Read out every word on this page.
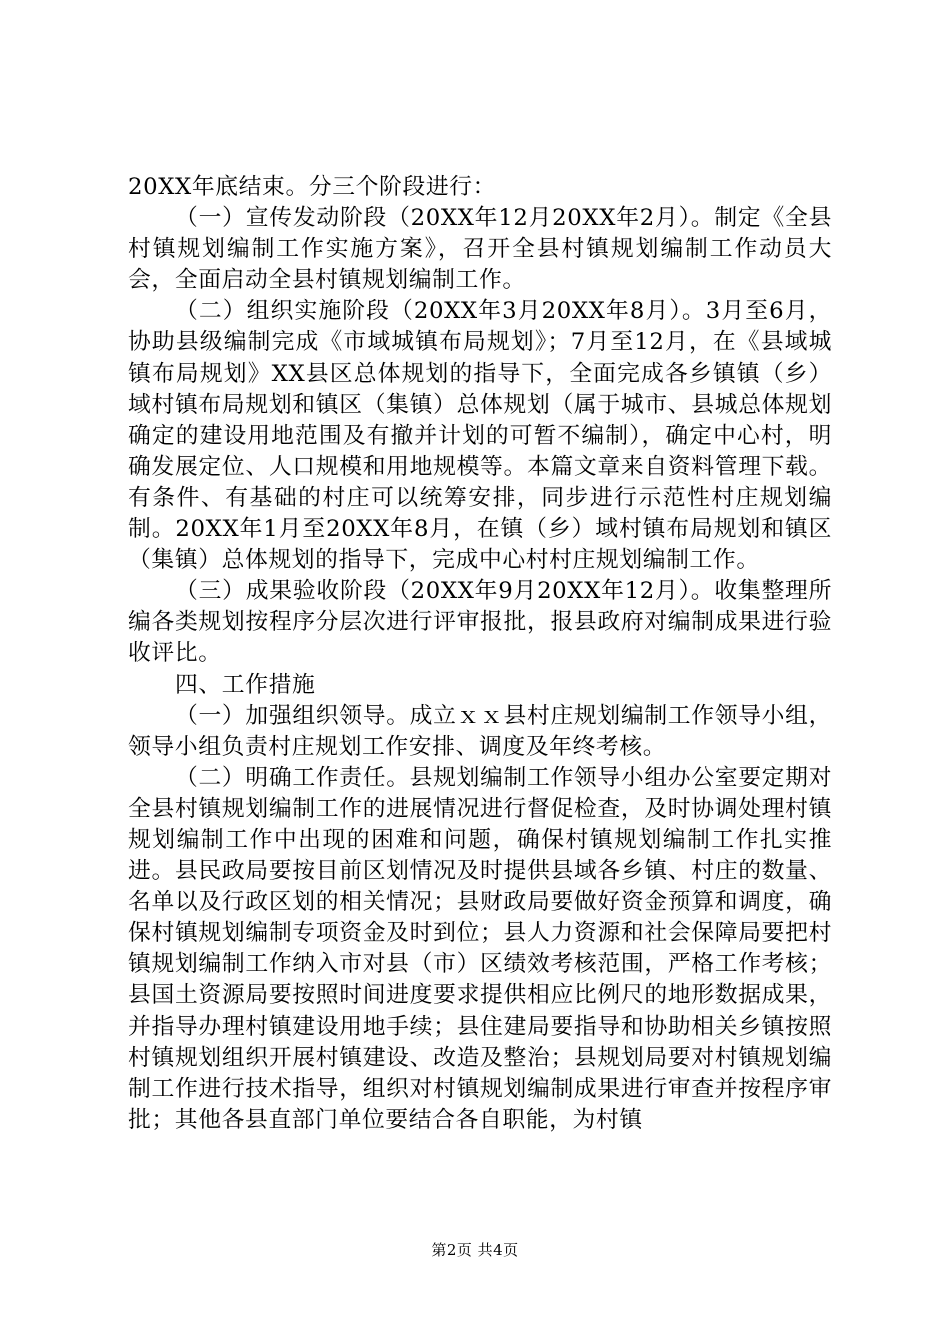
20XX年底结束。分三个阶段进行：

（一）宣传发动阶段（20XX年12月20XX年2月）。制定《全县村镇规划编制工作实施方案》，召开全县村镇规划编制工作动员大会，全面启动全县村镇规划编制工作。

（二）组织实施阶段（20XX年3月20XX年8月）。3月至6月，协助县级编制完成《市域城镇布局规划》；7月至12月，在《县域城镇布局规划》XX县区总体规划的指导下，全面完成各乡镇镇（乡）域村镇布局规划和镇区（集镇）总体规划（属于城市、县城总体规划确定的建设用地范围及有撤并计划的可暂不编制），确定中心村，明确发展定位、人口规模和用地规模等。本篇文章来自资料管理下载。有条件、有基础的村庄可以统筹安排，同步进行示范性村庄规划编制。20XX年1月至20XX年8月，在镇（乡）域村镇布局规划和镇区（集镇）总体规划的指导下，完成中心村村庄规划编制工作。

（三）成果验收阶段（20XX年9月20XX年12月）。收集整理所编各类规划按程序分层次进行评审报批，报县政府对编制成果进行验收评比。

四、工作措施

（一）加强组织领导。成立ｘｘ县村庄规划编制工作领导小组，领导小组负责村庄规划工作安排、调度及年终考核。

（二）明确工作责任。县规划编制工作领导小组办公室要定期对全县村镇规划编制工作的进展情况进行督促检查，及时协调处理村镇规划编制工作中出现的困难和问题，确保村镇规划编制工作扎实推进。县民政局要按目前区划情况及时提供县域各乡镇、村庄的数量、名单以及行政区划的相关情况；县财政局要做好资金预算和调度，确保村镇规划编制专项资金及时到位；县人力资源和社会保障局要把村镇规划编制工作纳入市对县（市）区绩效考核范围，严格工作考核；县国土资源局要按照时间进度要求提供相应比例尺的地形数据成果，并指导办理村镇建设用地手续；县住建局要指导和协助相关乡镇按照村镇规划组织开展村镇建设、改造及整治；县规划局要对村镇规划编制工作进行技术指导，组织对村镇规划编制成果进行审查并按程序审批；其他各县直部门单位要结合各自职能，为村镇

第2页 共4页
